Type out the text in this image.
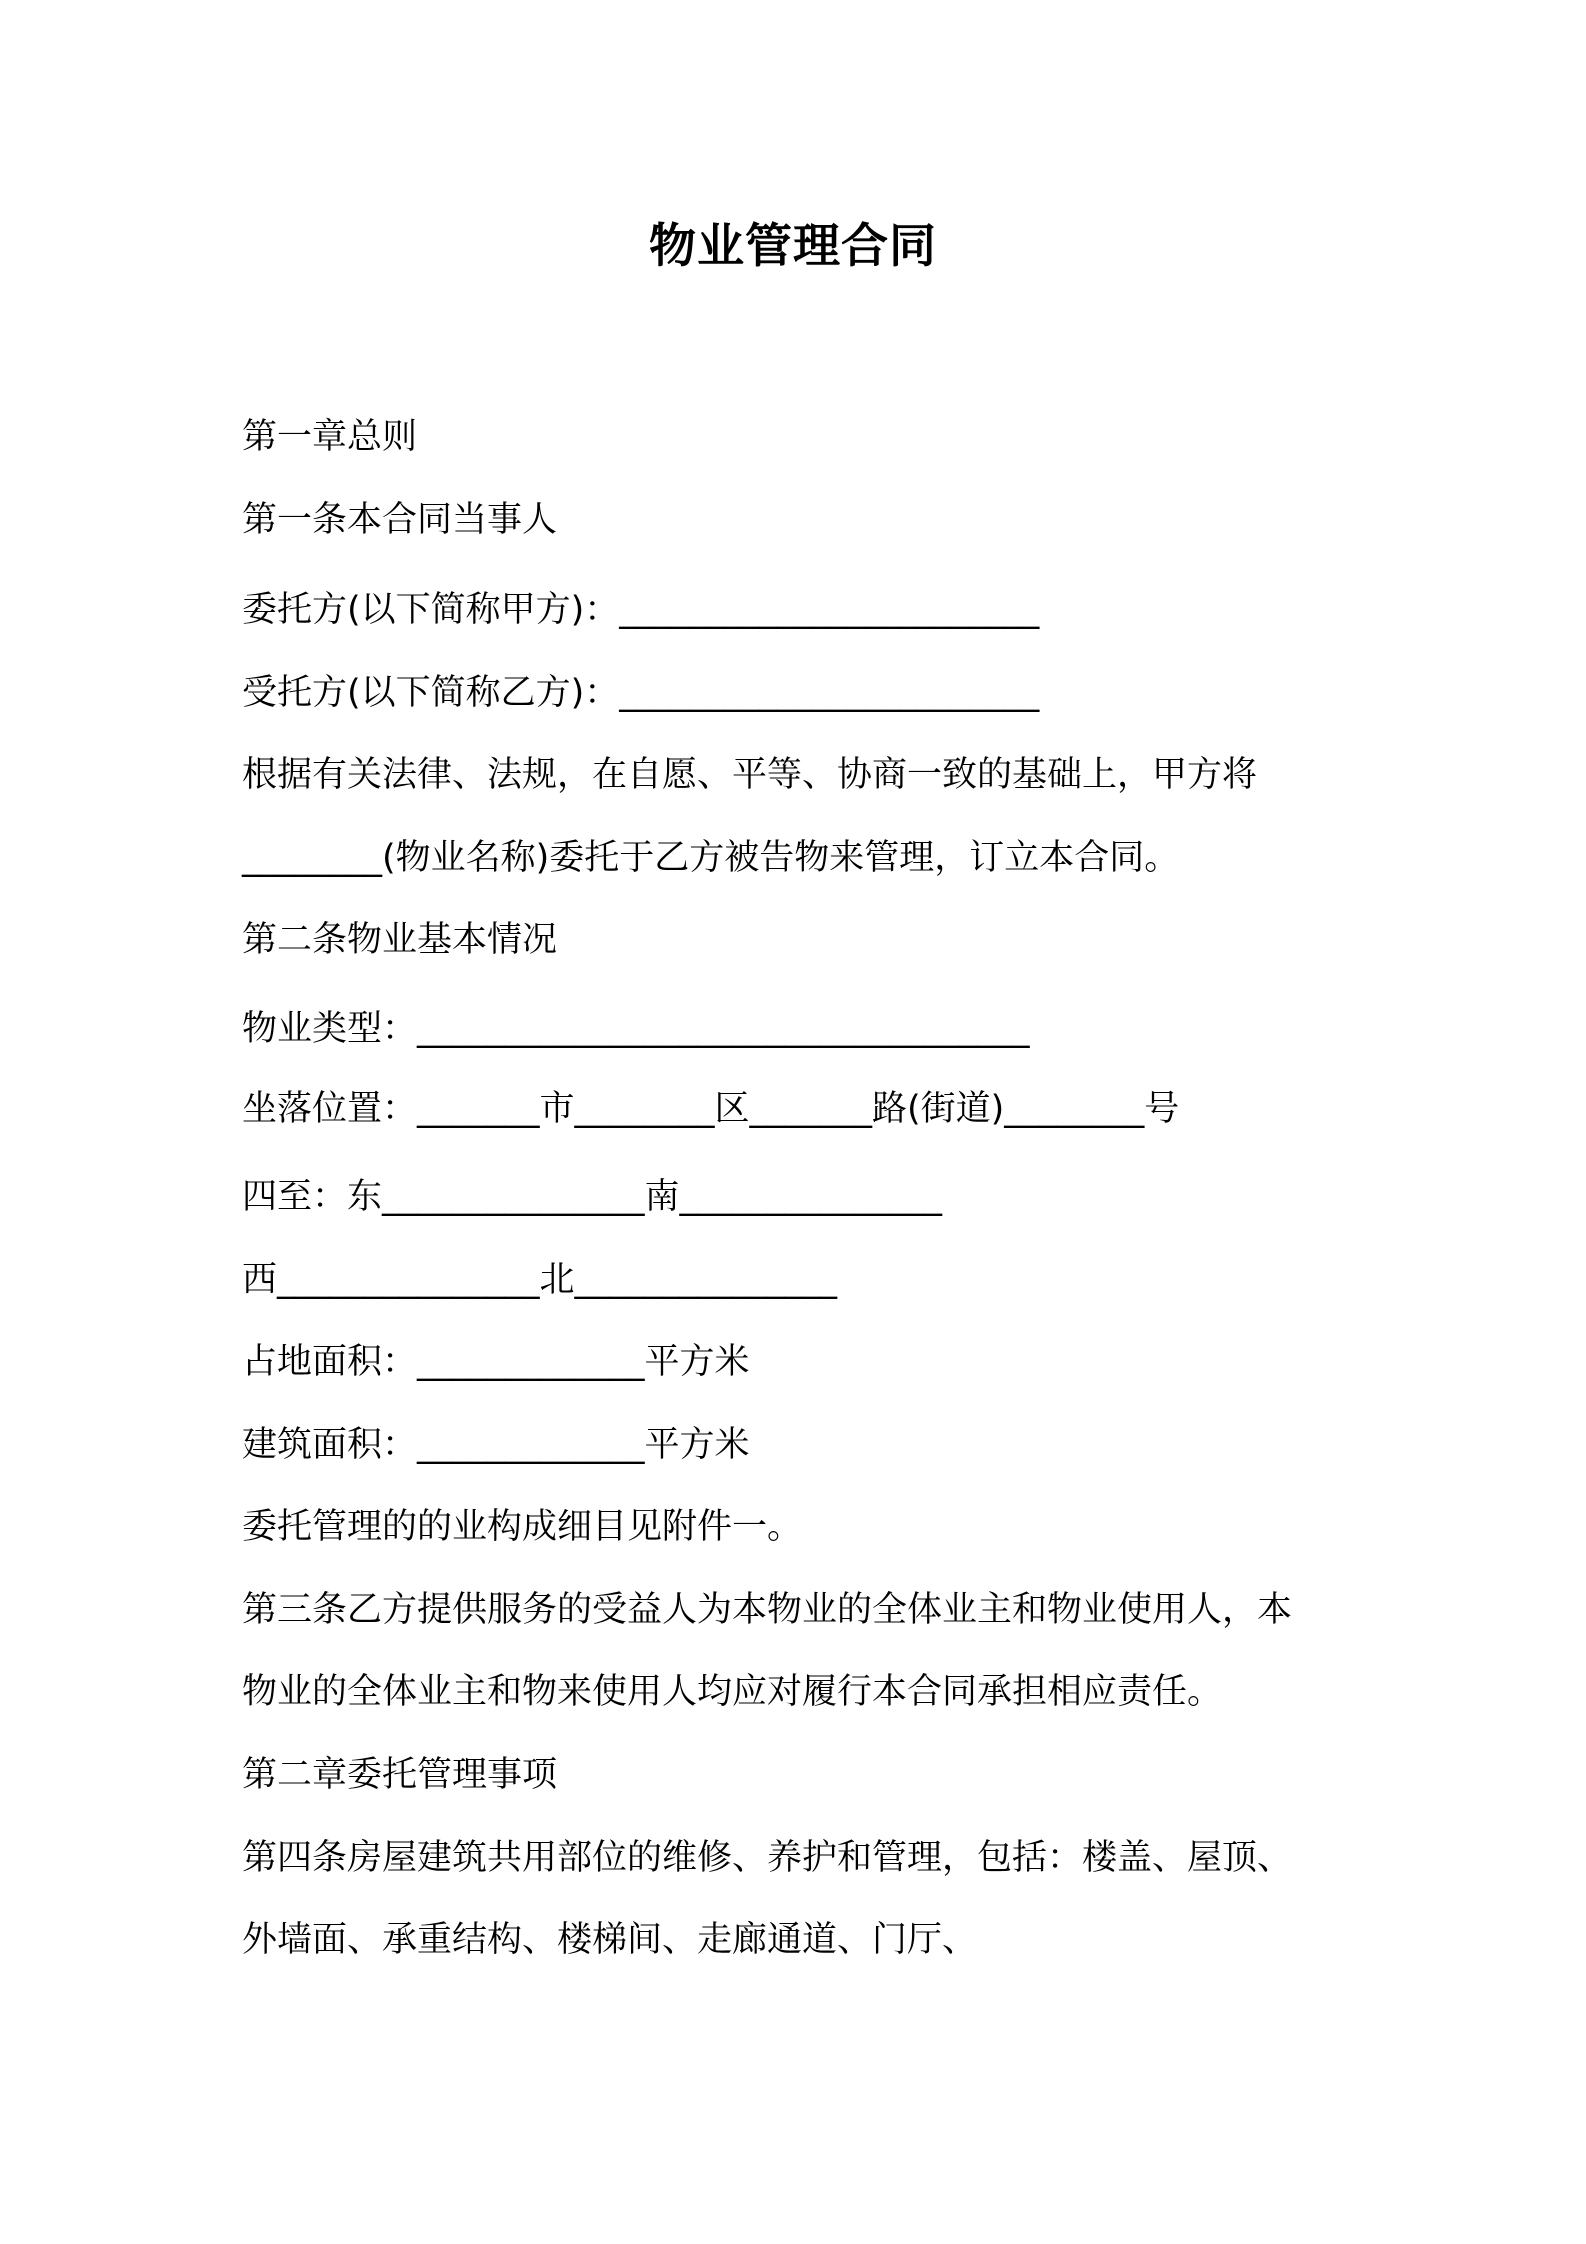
物业管理合同

第一章总则

第一条本合同当事人

委托方(以下简称甲方)：________________________

受托方(以下简称乙方)：________________________

根据有关法律、法规，在自愿、平等、协商一致的基础上，甲方将

________(物业名称)委托于乙方被告物来管理，订立本合同。

第二条物业基本情况

物业类型：___________________________________

坐落位置：_______市________区_______路(街道)________号

四至：东_______________南_______________

西_______________北_______________

占地面积：_____________平方米

建筑面积：_____________平方米

委托管理的的业构成细目见附件一。

第三条乙方提供服务的受益人为本物业的全体业主和物业使用人，本

物业的全体业主和物来使用人均应对履行本合同承担相应责任。

第二章委托管理事项

第四条房屋建筑共用部位的维修、养护和管理，包括：楼盖、屋顶、

外墙面、承重结构、楼梯间、走廊通道、门厅、
